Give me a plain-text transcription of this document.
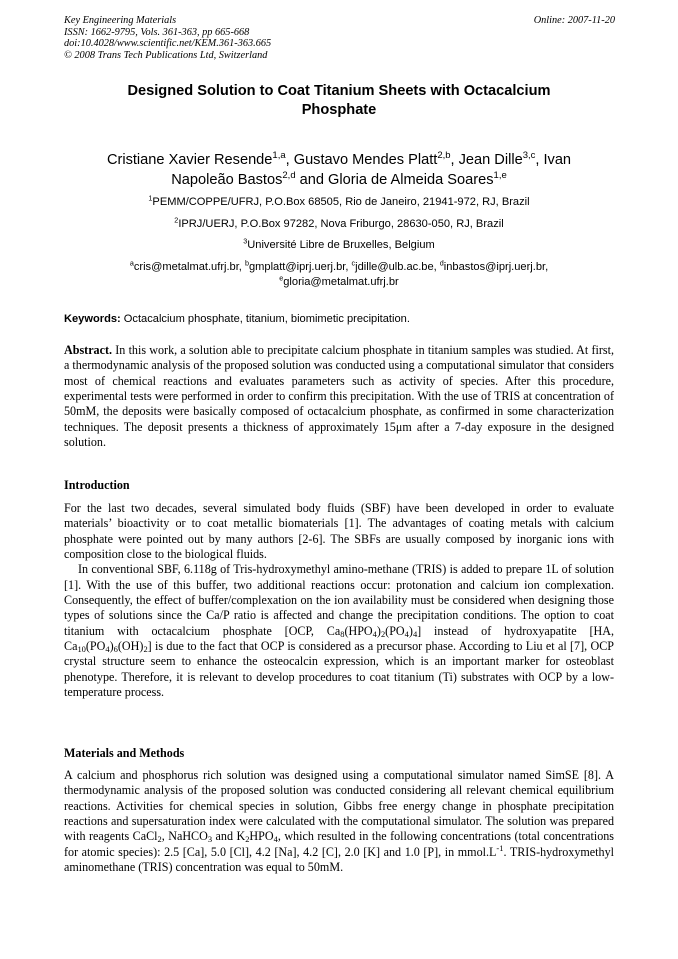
Key Engineering Materials
ISSN: 1662-9795, Vols. 361-363, pp 665-668
doi:10.4028/www.scientific.net/KEM.361-363.665
© 2008 Trans Tech Publications Ltd, Switzerland
Online: 2007-11-20
Designed Solution to Coat Titanium Sheets with Octacalcium
Phosphate
Cristiane Xavier Resende$^{1,a}$, Gustavo Mendes Platt$^{2,b}$, Jean Dille$^{3,c}$, Ivan
Napoleão Bastos$^{2,d}$ and Gloria de Almeida Soares$^{1,e}$
$^1$PEMM/COPPE/UFRJ, P.O.Box 68505, Rio de Janeiro, 21941-972, RJ, Brazil
$^2$IPRJ/UERJ, P.O.Box 97282, Nova Friburgo, 28630-050, RJ, Brazil
$^3$Université Libre de Bruxelles, Belgium
$^a$cris@metalmat.ufrj.br, $^b$gmplatt@iprj.uerj.br, $^c$jdille@ulb.ac.be, $^d$inbastos@iprj.uerj.br,
$^e$gloria@metalmat.ufrj.br
Keywords: Octacalcium phosphate, titanium, biomimetic precipitation.
Abstract. In this work, a solution able to precipitate calcium phosphate in titanium samples was studied. At first, a thermodynamic analysis of the proposed solution was conducted using a computational simulator that considers most of chemical reactions and evaluates parameters such as activity of species. After this procedure, experimental tests were performed in order to confirm this precipitation. With the use of TRIS at concentration of 50mM, the deposits were basically composed of octacalcium phosphate, as confirmed in some characterization techniques. The deposit presents a thickness of approximately 15μm after a 7-day exposure in the designed solution.
Introduction

For the last two decades, several simulated body fluids (SBF) have been developed in order to evaluate materials’ bioactivity or to coat metallic biomaterials [1]. The advantages of coating metals with calcium phosphate were pointed out by many authors [2-6]. The SBFs are usually composed by inorganic ions with composition close to the biological fluids.

In conventional SBF, 6.118g of Tris-hydroxymethyl amino-methane (TRIS) is added to prepare 1L of solution [1]. With the use of this buffer, two additional reactions occur: protonation and calcium ion complexation. Consequently, the effect of buffer/complexation on the ion availability must be considered when designing those types of solutions since the Ca/P ratio is affected and change the precipitation conditions. The option to coat titanium with octacalcium phosphate [OCP, $Ca_8(HPO_4)_2(PO_4)_4$] instead of hydroxyapatite [HA, $Ca_{10}(PO_4)_6(OH)_2$] is due to the fact that OCP is considered as a precursor phase. According to Liu et al [7], OCP crystal structure seem to enhance the osteocalcin expression, which is an important marker for osteoblast phenotype. Therefore, it is relevant to develop procedures to coat titanium (Ti) substrates with OCP by a low-temperature process.

Materials and Methods

A calcium and phosphorus rich solution was designed using a computational simulator named SimSE [8]. A thermodynamic analysis of the proposed solution was conducted considering all relevant chemical equilibrium reactions. Activities for chemical species in solution, Gibbs free energy change in phosphate precipitation reactions and supersaturation index were calculated with the computational simulator. The solution was prepared with reagents CaCl$_2$, NaHCO$_3$ and $K_2HPO_4$, which resulted in the following concentrations (total concentrations for atomic species): 2.5 [Ca], 5.0 [Cl], 4.2 [Na], 4.2 [C], 2.0 [K] and 1.0 [P], in $mmol.L^{-1}$. TRIS-hydroxymethyl aminomethane (TRIS) concentration was equal to 50mM.
